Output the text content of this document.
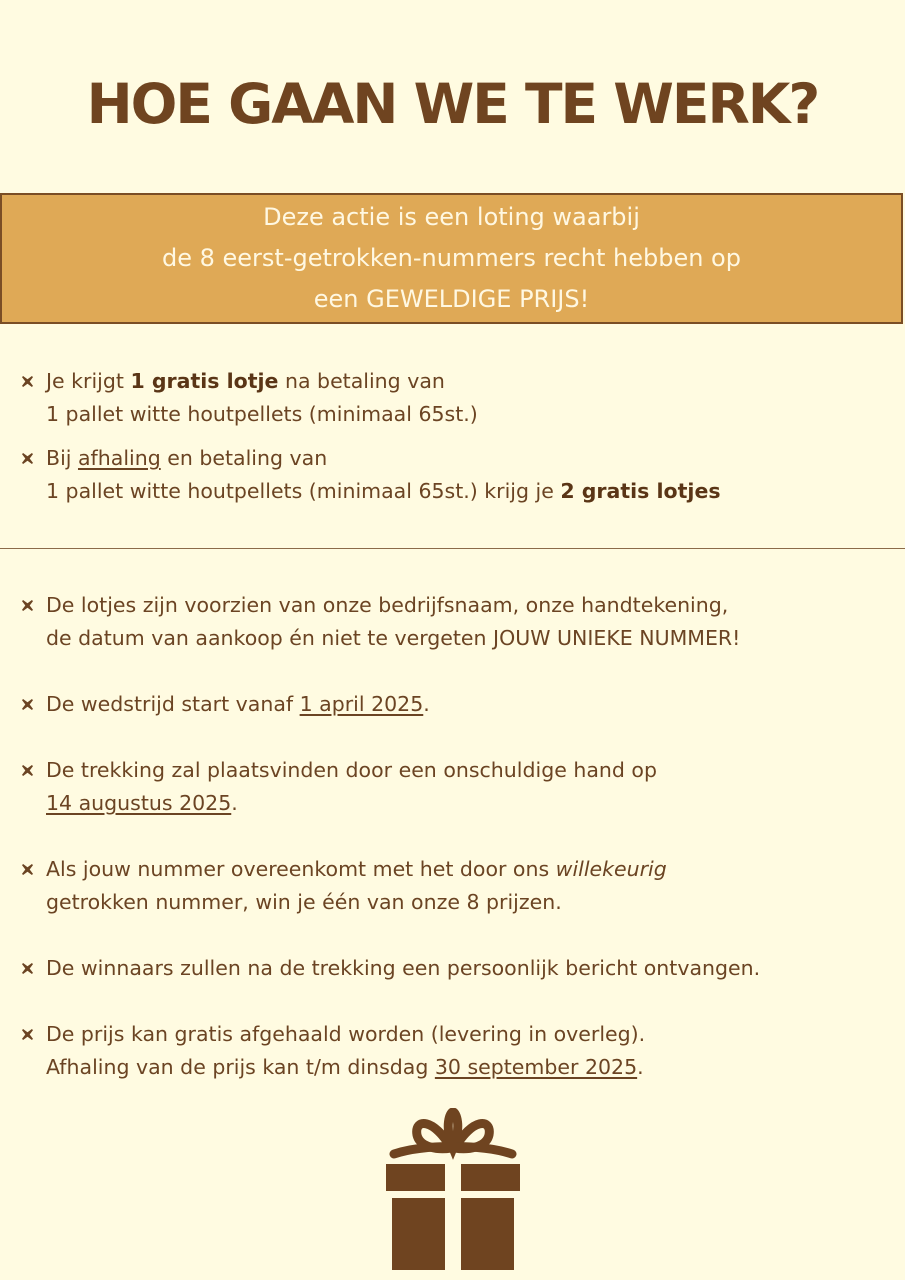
HOE GAAN WE TE WERK?
Deze actie is een loting waarbij
de 8 eerst-getrokken-nummers recht hebben op
een GEWELDIGE PRIJS!
Je krijgt 1 gratis lotje na betaling van
1 pallet witte houtpellets (minimaal 65st.)
Bij afhaling en betaling van
1 pallet witte houtpellets (minimaal 65st.) krijg je 2 gratis lotjes
De lotjes zijn voorzien van onze bedrijfsnaam, onze handtekening,
de datum van aankoop én niet te vergeten JOUW UNIEKE NUMMER!
De wedstrijd start vanaf 1 april 2025.
De trekking zal plaatsvinden door een onschuldige hand op
14 augustus 2025.
Als jouw nummer overeenkomt met het door ons willekeurig
getrokken nummer, win je één van onze 8 prijzen.
De winnaars zullen na de trekking een persoonlijk bericht ontvangen.
De prijs kan gratis afgehaald worden (levering in overleg).
Afhaling van de prijs kan t/m dinsdag 30 september 2025.
